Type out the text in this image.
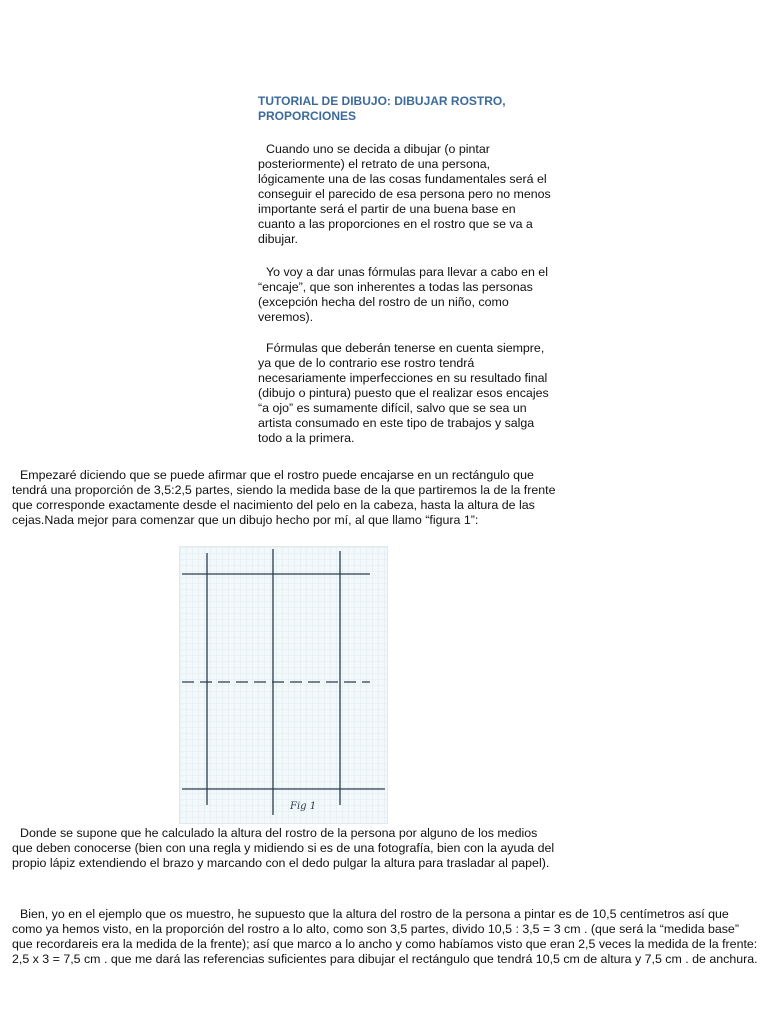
TUTORIAL DE DIBUJO: DIBUJAR ROSTRO, PROPORCIONES

Cuando uno se decida a dibujar (o pintar posteriormente) el retrato de una persona, lógicamente una de las cosas fundamentales será el conseguir el parecido de esa persona pero no menos importante será el partir de una buena base en cuanto a las proporciones en el rostro que se va a dibujar.

Yo voy a dar unas fórmulas para llevar a cabo en el “encaje”, que son inherentes a todas las personas (excepción hecha del rostro de un niño, como veremos).

Fórmulas que deberán tenerse en cuenta siempre, ya que de lo contrario ese rostro tendrá necesariamente imperfecciones en su resultado final (dibujo o pintura) puesto que el realizar esos encajes “a ojo” es sumamente difícil, salvo que se sea un artista consumado en este tipo de trabajos y salga todo a la primera.

Empezaré diciendo que se puede afirmar que el rostro puede encajarse en un rectángulo que tendrá una proporción de 3,5:2,5 partes, siendo la medida base de la que partiremos la de la frente que corresponde exactamente desde el nacimiento del pelo en la cabeza, hasta la altura de las cejas.Nada mejor para comenzar que un dibujo hecho por mí, al que llamo “figura 1”:

Fig 1

Donde se supone que he calculado la altura del rostro de la persona por alguno de los medios que deben conocerse (bien con una regla y midiendo si es de una fotografía, bien con la ayuda del propio lápiz extendiendo el brazo y marcando con el dedo pulgar la altura para trasladar al papel).

Bien, yo en el ejemplo que os muestro, he supuesto que la altura del rostro de la persona a pintar es de 10,5 centímetros así que como ya hemos visto, en la proporción del rostro a lo alto, como son 3,5 partes, divido 10,5 : 3,5 = 3 cm . (que será la “medida base” que recordareis era la medida de la frente); así que marco a lo ancho y como habíamos visto que eran 2,5 veces la medida de la frente: 2,5 x 3 = 7,5 cm . que me dará las referencias suficientes para dibujar el rectángulo que tendrá 10,5 cm de altura y 7,5 cm . de anchura.
